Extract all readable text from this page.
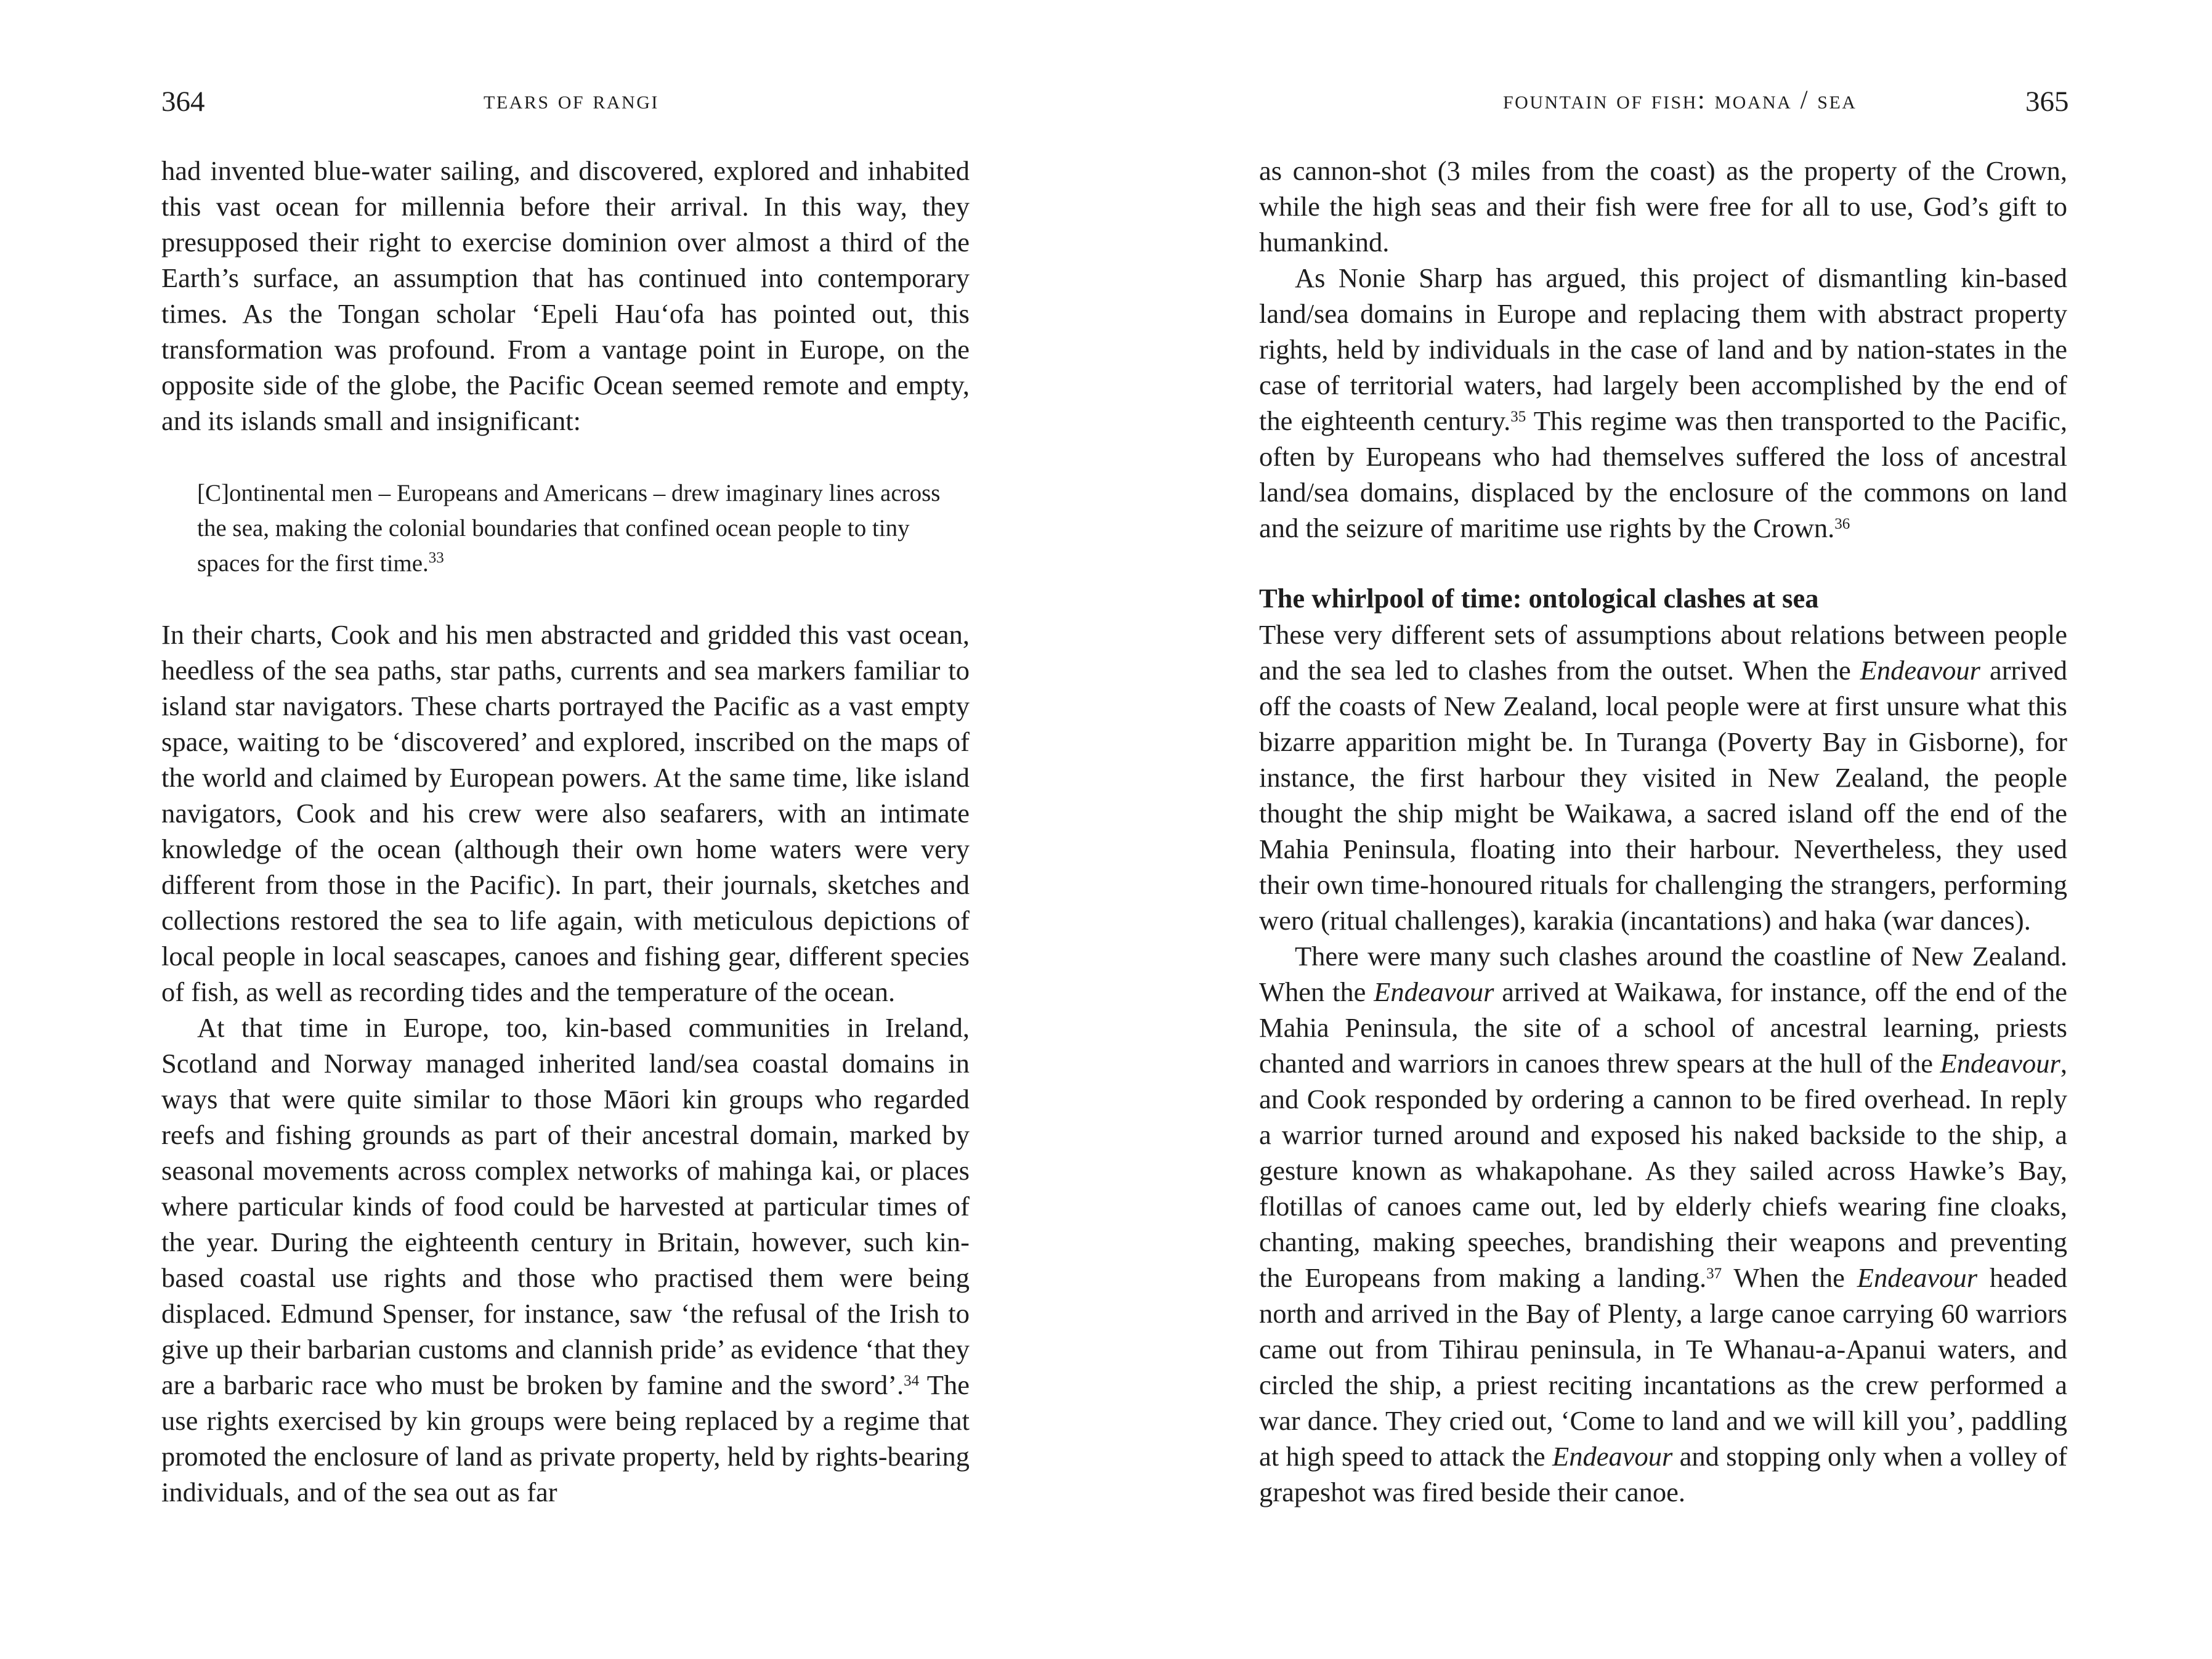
364	tears of rangi

had invented blue-water sailing, and discovered, explored and inhabited this vast ocean for millennia before their arrival. In this way, they presupposed their right to exercise dominion over almost a third of the Earth’s surface, an assumption that has continued into contemporary times. As the Tongan scholar ‘Epeli Hau‘ofa has pointed out, this transformation was profound. From a vantage point in Europe, on the opposite side of the globe, the Pacific Ocean seemed remote and empty, and its islands small and insignificant:

[C]ontinental men – Europeans and Americans – drew imaginary lines across the sea, making the colonial boundaries that confined ocean people to tiny spaces for the first time.$^{33}$

In their charts, Cook and his men abstracted and gridded this vast ocean, heedless of the sea paths, star paths, currents and sea markers familiar to island star navigators. These charts portrayed the Pacific as a vast empty space, waiting to be ‘discovered’ and explored, inscribed on the maps of the world and claimed by European powers. At the same time, like island navigators, Cook and his crew were also seafarers, with an intimate knowledge of the ocean (although their own home waters were very different from those in the Pacific). In part, their journals, sketches and collections restored the sea to life again, with meticulous depictions of local people in local seascapes, canoes and fishing gear, different species of fish, as well as recording tides and the temperature of the ocean.

At that time in Europe, too, kin-based communities in Ireland, Scotland and Norway managed inherited land/sea coastal domains in ways that were quite similar to those Māori kin groups who regarded reefs and fishing grounds as part of their ancestral domain, marked by seasonal movements across complex networks of mahinga kai, or places where particular kinds of food could be harvested at particular times of the year. During the eighteenth century in Britain, however, such kin-based coastal use rights and those who practised them were being displaced. Edmund Spenser, for instance, saw ‘the refusal of the Irish to give up their barbarian customs and clannish pride’ as evidence ‘that they are a barbaric race who must be broken by famine and the sword’.$^{34}$ The use rights exercised by kin groups were being replaced by a regime that promoted the enclosure of land as private property, held by rights-bearing individuals, and of the sea out as far

fountain of fish: moana / sea	365

as cannon-shot (3 miles from the coast) as the property of the Crown, while the high seas and their fish were free for all to use, God’s gift to humankind.

As Nonie Sharp has argued, this project of dismantling kin-based land/sea domains in Europe and replacing them with abstract property rights, held by individuals in the case of land and by nation-states in the case of territorial waters, had largely been accomplished by the end of the eighteenth century.$^{35}$ This regime was then transported to the Pacific, often by Europeans who had themselves suffered the loss of ancestral land/sea domains, displaced by the enclosure of the commons on land and the seizure of maritime use rights by the Crown.$^{36}$

The whirlpool of time: ontological clashes at sea

These very different sets of assumptions about relations between people and the sea led to clashes from the outset. When the Endeavour arrived off the coasts of New Zealand, local people were at first unsure what this bizarre apparition might be. In Turanga (Poverty Bay in Gisborne), for instance, the first harbour they visited in New Zealand, the people thought the ship might be Waikawa, a sacred island off the end of the Mahia Peninsula, floating into their harbour. Nevertheless, they used their own time-honoured rituals for challenging the strangers, performing wero (ritual challenges), karakia (incantations) and haka (war dances).

There were many such clashes around the coastline of New Zealand. When the Endeavour arrived at Waikawa, for instance, off the end of the Mahia Peninsula, the site of a school of ancestral learning, priests chanted and warriors in canoes threw spears at the hull of the Endeavour, and Cook responded by ordering a cannon to be fired overhead. In reply a warrior turned around and exposed his naked backside to the ship, a gesture known as whakapohane. As they sailed across Hawke’s Bay, flotillas of canoes came out, led by elderly chiefs wearing fine cloaks, chanting, making speeches, brandishing their weapons and preventing the Europeans from making a landing.$^{37}$ When the Endeavour headed north and arrived in the Bay of Plenty, a large canoe carrying 60 warriors came out from Tihirau peninsula, in Te Whanau-a-Apanui waters, and circled the ship, a priest reciting incantations as the crew performed a war dance. They cried out, ‘Come to land and we will kill you’, paddling at high speed to attack the Endeavour and stopping only when a volley of grapeshot was fired beside their canoe.
